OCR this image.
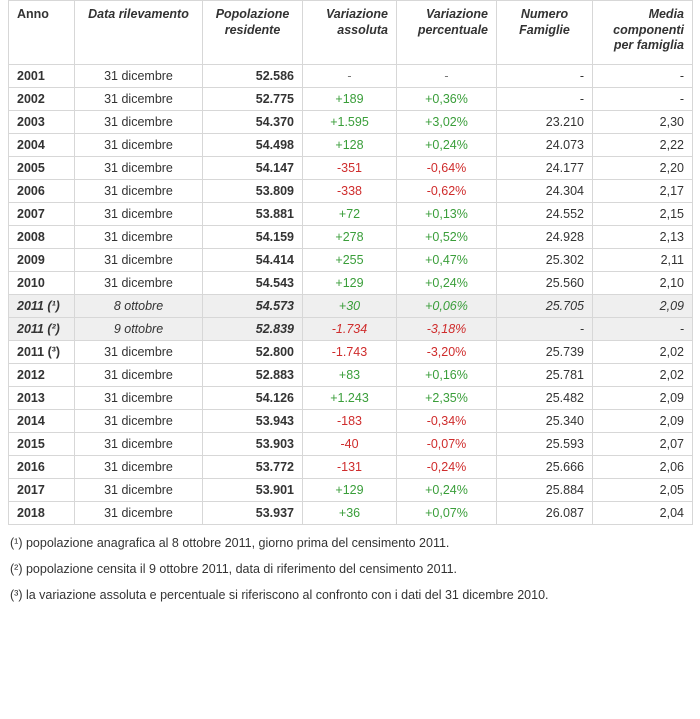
Anno	Data rilevamento	Popolazione residente	Variazione assoluta	Variazione percentuale	Numero Famiglie	Media componenti per famiglia
2001	31 dicembre	52.586	-	-	-	-
2002	31 dicembre	52.775	+189	+0,36%	-	-
2003	31 dicembre	54.370	+1.595	+3,02%	23.210	2,30
2004	31 dicembre	54.498	+128	+0,24%	24.073	2,22
2005	31 dicembre	54.147	-351	-0,64%	24.177	2,20
2006	31 dicembre	53.809	-338	-0,62%	24.304	2,17
2007	31 dicembre	53.881	+72	+0,13%	24.552	2,15
2008	31 dicembre	54.159	+278	+0,52%	24.928	2,13
2009	31 dicembre	54.414	+255	+0,47%	25.302	2,11
2010	31 dicembre	54.543	+129	+0,24%	25.560	2,10
2011 (¹)	8 ottobre	54.573	+30	+0,06%	25.705	2,09
2011 (²)	9 ottobre	52.839	-1.734	-3,18%	-	-
2011 (³)	31 dicembre	52.800	-1.743	-3,20%	25.739	2,02
2012	31 dicembre	52.883	+83	+0,16%	25.781	2,02
2013	31 dicembre	54.126	+1.243	+2,35%	25.482	2,09
2014	31 dicembre	53.943	-183	-0,34%	25.340	2,09
2015	31 dicembre	53.903	-40	-0,07%	25.593	2,07
2016	31 dicembre	53.772	-131	-0,24%	25.666	2,06
2017	31 dicembre	53.901	+129	+0,24%	25.884	2,05
2018	31 dicembre	53.937	+36	+0,07%	26.087	2,04

(¹) popolazione anagrafica al 8 ottobre 2011, giorno prima del censimento 2011.

(²) popolazione censita il 9 ottobre 2011, data di riferimento del censimento 2011.

(³) la variazione assoluta e percentuale si riferiscono al confronto con i dati del 31 dicembre 2010.
